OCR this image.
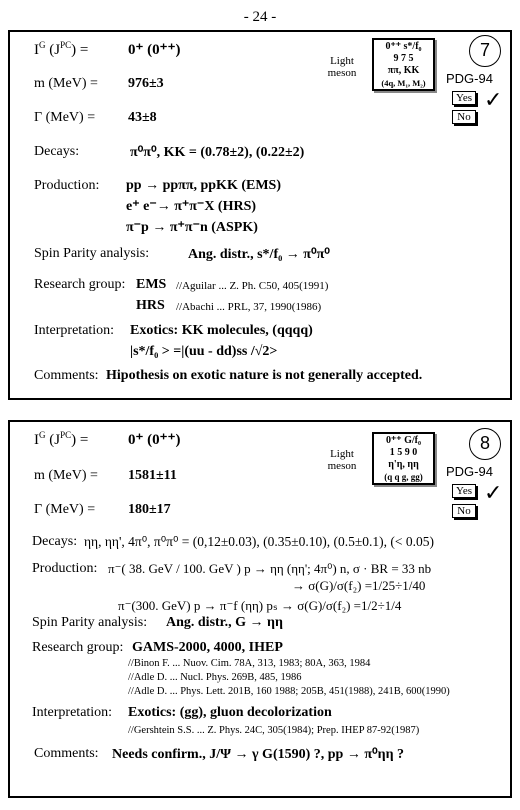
- 24 -
$I^G$ $(J^{PC})$ =	0⁺ (0⁺⁺)
m (MeV) = 976±3
Γ (MeV) = 43±8
Light
meson
0⁺⁺ s*/f₀
9 7 5
ππ, KK
(4q, M₁, M₂)
7
PDG-94
Yes
No
✓
Decays:	π⁰π⁰, KK = (0.78±2), (0.22±2)
Production: pp → ppππ, ppKK (EMS)
e⁺ e⁻→ π⁺π⁻X (HRS)
π⁻p → π⁺π⁻n (ASPK)
Spin Parity analysis:	Ang. distr., s*/f₀ → π⁰π⁰
Research group: EMS //Aguilar ... Z. Ph. C50, 405(1991)
HRS //Abachi ... PRL, 37, 1990(1986)
Interpretation: Exotics: KK molecules, (qqqq)
|s*/f₀ > =|(uu - dd)ss /√2>
Comments: Hipothesis on exotic nature is not generally accepted.
$I^G$ $(J^{PC})$ =	0⁺ (0⁺⁺)
m (MeV) = 1581±11
Γ (MeV) = 180±17
Light
meson
0⁺⁺ G/f₀
1 5 9 0
η'η, ηη
(q q g, gg)
8
PDG-94
Yes
No
✓
Decays: ηη, ηη', 4π⁰, π⁰π⁰ = (0,12±0.03), (0.35±0.10), (0.5±0.1), (< 0.05)
Production: π⁻( 38. GeV / 100. GeV ) p → ηη (ηη'; 4π⁰) n, σ · BR = 33 nb
→ σ(G)/σ(f₂) =1/25÷1/40
π⁻(300. GeV) p → π⁻f (ηη) pₛ → σ(G)/σ(f₂) =1/2÷1/4
Spin Parity analysis: Ang. distr., G → ηη
Research group: GAMS-2000, 4000, IHEP
//Binon F. ... Nuov. Cim. 78A, 313, 1983; 80A, 363, 1984
//Adle D. ... Nucl. Phys. 269B, 485, 1986
//Adle D. ... Phys. Lett. 201B, 160 1988; 205B, 451(1988), 241B, 600(1990)
Interpretation: Exotics: (gg), gluon decolorization
//Gershtein S.S. ... Z. Phys. 24C, 305(1984); Prep. IHEP 87-92(1987)
Comments: Needs confirm., J/Ψ → γ G(1590) ?, pp → π⁰ηη ?
